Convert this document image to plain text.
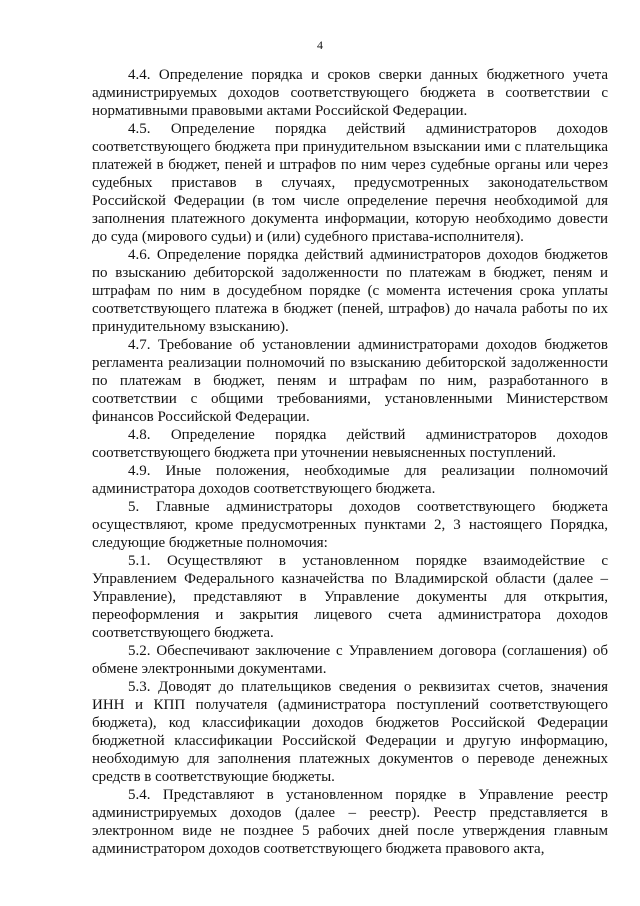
4

4.4. Определение порядка и сроков сверки данных бюджетного учета администрируемых доходов соответствующего бюджета в соответствии с нормативными правовыми актами Российской Федерации.

4.5. Определение порядка действий администраторов доходов соответствующего бюджета при принудительном взыскании ими с плательщика платежей в бюджет, пеней и штрафов по ним через судебные органы или через судебных приставов в случаях, предусмотренных законодательством Российской Федерации (в том числе определение перечня необходимой для заполнения платежного документа информации, которую необходимо довести до суда (мирового судьи) и (или) судебного пристава-исполнителя).

4.6. Определение порядка действий администраторов доходов бюджетов по взысканию дебиторской задолженности по платежам в бюджет, пеням и штрафам по ним в досудебном порядке (с момента истечения срока уплаты соответствующего платежа в бюджет (пеней, штрафов) до начала работы по их принудительному взысканию).

4.7. Требование об установлении администраторами доходов бюджетов регламента реализации полномочий по взысканию дебиторской задолженности по платежам в бюджет, пеням и штрафам по ним, разработанного в соответствии с общими требованиями, установленными Министерством финансов Российской Федерации.

4.8. Определение порядка действий администраторов доходов соответствующего бюджета при уточнении невыясненных поступлений.

4.9. Иные положения, необходимые для реализации полномочий администратора доходов соответствующего бюджета.

5. Главные администраторы доходов соответствующего бюджета осуществляют, кроме предусмотренных пунктами 2, 3 настоящего Порядка, следующие бюджетные полномочия:

5.1. Осуществляют в установленном порядке взаимодействие с Управлением Федерального казначейства по Владимирской области (далее – Управление), представляют в Управление документы для открытия, переоформления и закрытия лицевого счета администратора доходов соответствующего бюджета.

5.2. Обеспечивают заключение с Управлением договора (соглашения) об обмене электронными документами.

5.3. Доводят до плательщиков сведения о реквизитах счетов, значения ИНН и КПП получателя (администратора поступлений соответствующего бюджета), код классификации доходов бюджетов Российской Федерации бюджетной классификации Российской Федерации и другую информацию, необходимую для заполнения платежных документов о переводе денежных средств в соответствующие бюджеты.

5.4. Представляют в установленном порядке в Управление реестр администрируемых доходов (далее – реестр). Реестр представляется в электронном виде не позднее 5 рабочих дней после утверждения главным администратором доходов соответствующего бюджета правового акта,
